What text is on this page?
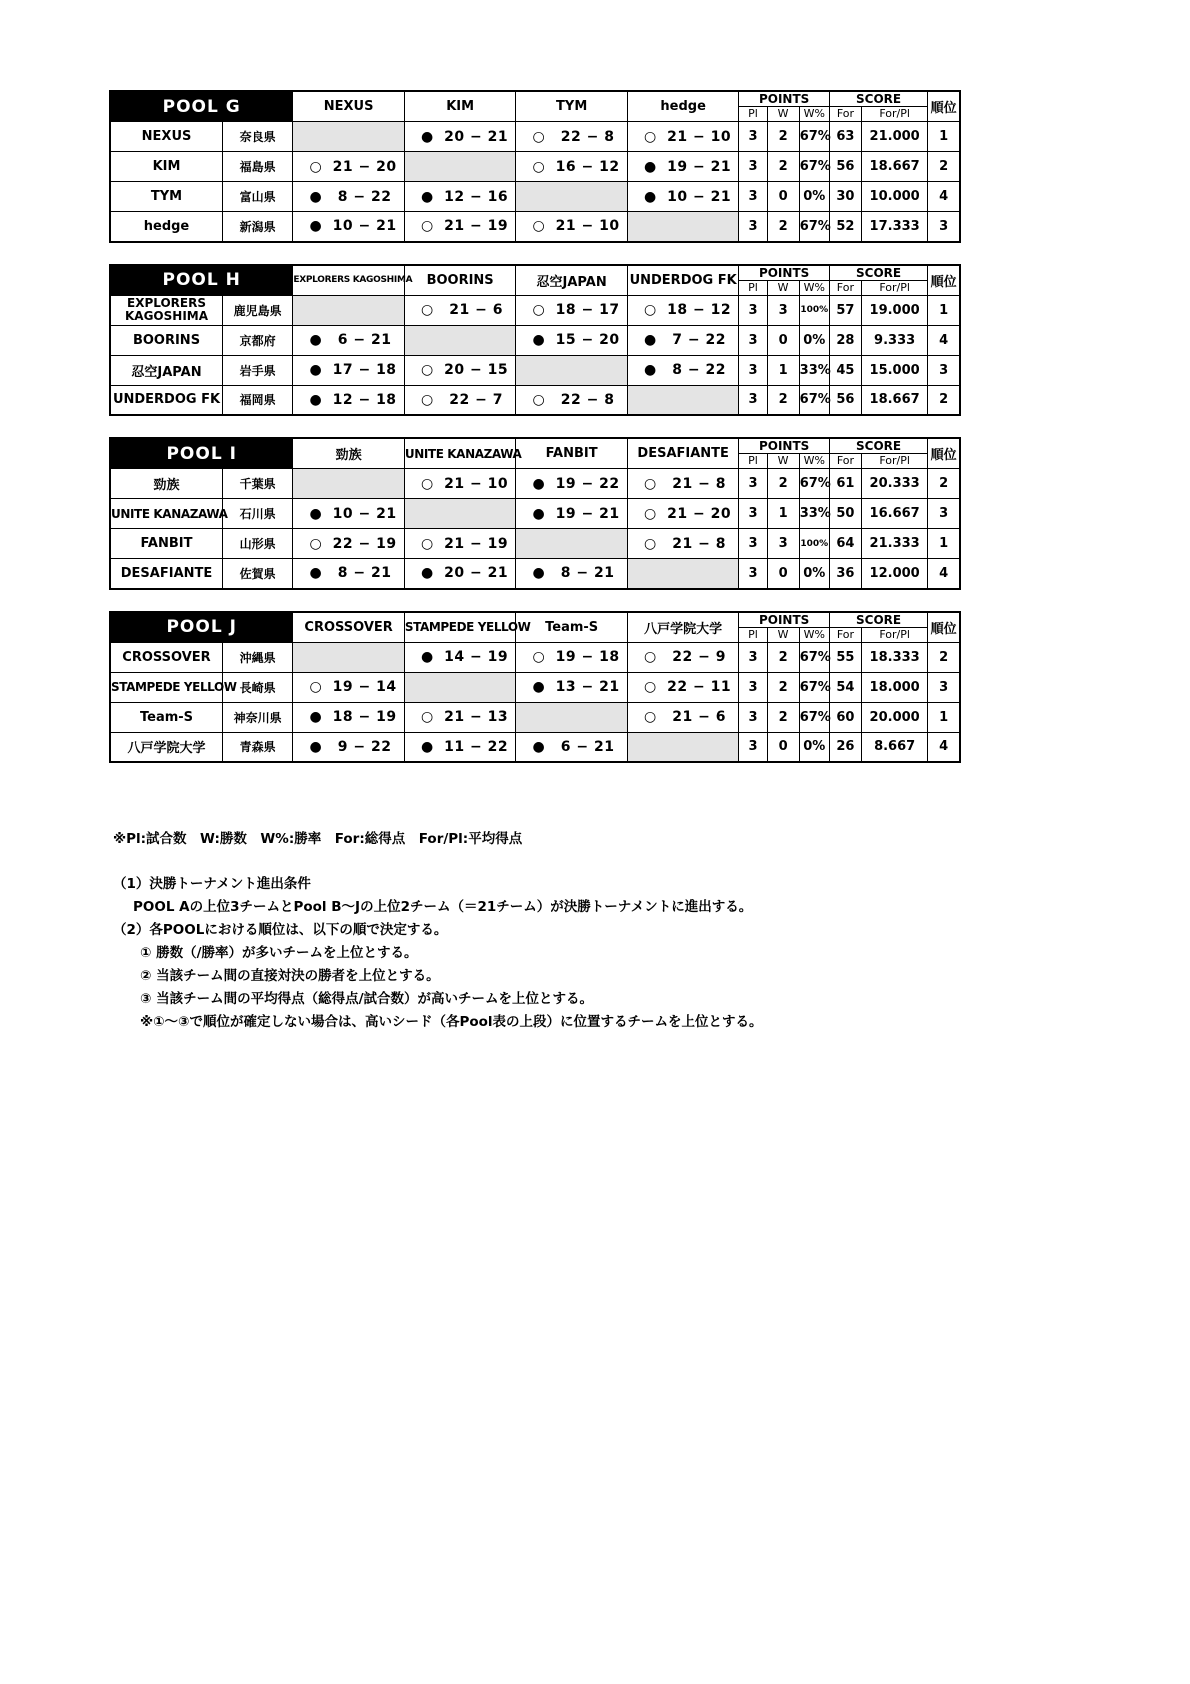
POOL G		NEXUS	KIM	TYM	hedge	POINTS			SCORE		順位
						Pl	W	W%	For	For/Pl	
NEXUS	奈良県		● 20 − 21	○ 22 − 8	○ 21 − 10	3	2	67%	63	21.000	1
KIM	福島県	○ 21 − 20		○ 16 − 12	● 19 − 21	3	2	67%	56	18.667	2
TYM	富山県	● 8 − 22	● 12 − 16		● 10 − 21	3	0	0%	30	10.000	4
hedge	新潟県	● 10 − 21	○ 21 − 19	○ 21 − 10		3	2	67%	52	17.333	3
POOL H		EXPLORERS KAGOSHIMA	BOORINS	忍空JAPAN	UNDERDOG FK	POINTS			SCORE		順位
						Pl	W	W%	For	For/Pl	
EXPLORERS KAGOSHIMA	鹿児島県		○ 21 − 6	○ 18 − 17	○ 18 − 12	3	3	100%	57	19.000	1
BOORINS	京都府	● 6 − 21		● 15 − 20	● 7 − 22	3	0	0%	28	9.333	4
忍空JAPAN	岩手県	● 17 − 18	○ 20 − 15		● 8 − 22	3	1	33%	45	15.000	3
UNDERDOG FK	福岡県	● 12 − 18	○ 22 − 7	○ 22 − 8		3	2	67%	56	18.667	2
POOL I		勁族	UNITE KANAZAWA	FANBIT	DESAFIANTE	POINTS			SCORE		順位
						Pl	W	W%	For	For/Pl	
勁族	千葉県		○ 21 − 10	● 19 − 22	○ 21 − 8	3	2	67%	61	20.333	2
UNITE KANAZAWA	石川県	● 10 − 21		● 19 − 21	○ 21 − 20	3	1	33%	50	16.667	3
FANBIT	山形県	○ 22 − 19	○ 21 − 19		○ 21 − 8	3	3	100%	64	21.333	1
DESAFIANTE	佐賀県	● 8 − 21	● 20 − 21	● 8 − 21		3	0	0%	36	12.000	4
POOL J		CROSSOVER	STAMPEDE YELLOW	Team-S	八戸学院大学	POINTS			SCORE		順位
						Pl	W	W%	For	For/Pl	
CROSSOVER	沖縄県		● 14 − 19	○ 19 − 18	○ 22 − 9	3	2	67%	55	18.333	2
STAMPEDE YELLOW	長崎県	○ 19 − 14		● 13 − 21	○ 22 − 11	3	2	67%	54	18.000	3
Team-S	神奈川県	● 18 − 19	○ 21 − 13		○ 21 − 6	3	2	67%	60	20.000	1
八戸学院大学	青森県	● 9 − 22	● 11 − 22	● 6 − 21		3	0	0%	26	8.667	4
※Pl:試合数　W:勝数　W%:勝率　For:総得点　For/Pl:平均得点
（1）決勝トーナメント進出条件
POOL Aの上位3チームとPool B～Jの上位2チーム（＝21チーム）が決勝トーナメントに進出する。
（2）各POOLにおける順位は、以下の順で決定する。
① 勝数（/勝率）が多いチームを上位とする。
② 当該チーム間の直接対決の勝者を上位とする。
③ 当該チーム間の平均得点（総得点/試合数）が高いチームを上位とする。
※①～③で順位が確定しない場合は、高いシード（各Pool表の上段）に位置するチームを上位とする。
